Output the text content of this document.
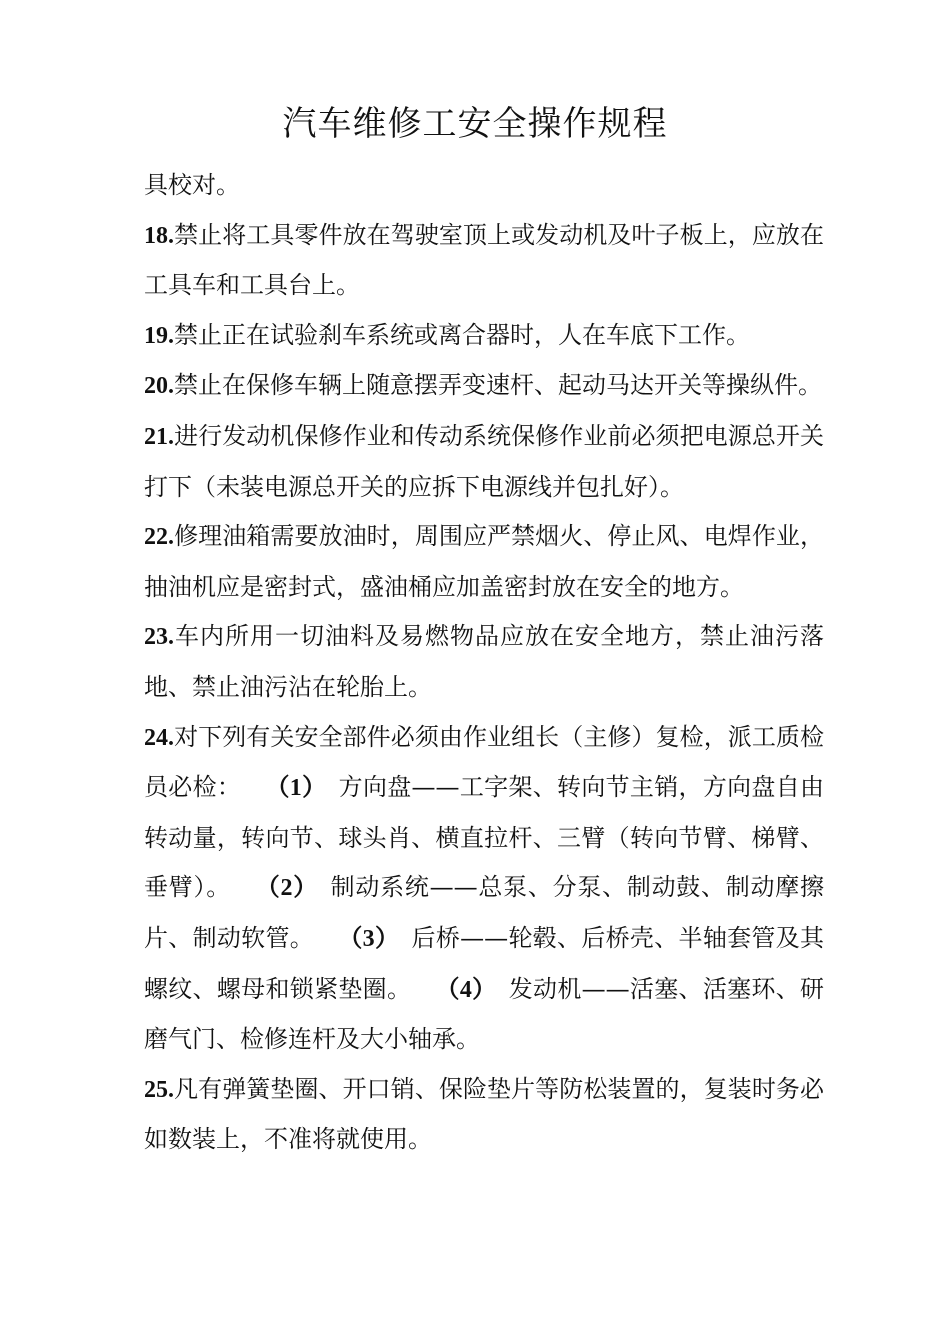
汽车维修工安全操作规程

具校对。

18.禁止将工具零件放在驾驶室顶上或发动机及叶子板上，应放在工具车和工具台上。

19.禁止正在试验刹车系统或离合器时，人在车底下工作。

20.禁止在保修车辆上随意摆弄变速杆、起动马达开关等操纵件。

21.进行发动机保修作业和传动系统保修作业前必须把电源总开关打下（未装电源总开关的应拆下电源线并包扎好）。

22.修理油箱需要放油时，周围应严禁烟火、停止风、电焊作业，抽油机应是密封式，盛油桶应加盖密封放在安全的地方。

23.车内所用一切油料及易燃物品应放在安全地方，禁止油污落地、禁止油污沾在轮胎上。

24.对下列有关安全部件必须由作业组长（主修）复检，派工质检员必检：  （1）  方向盘——工字架、转向节主销，方向盘自由转动量，转向节、球头肖、横直拉杆、三臂（转向节臂、梯臂、垂臂）。  （2）  制动系统——总泵、分泵、制动鼓、制动摩擦片、制动软管。  （3）  后桥——轮毂、后桥壳、半轴套管及其螺纹、螺母和锁紧垫圈。  （4）  发动机——活塞、活塞环、研磨气门、检修连杆及大小轴承。

25.凡有弹簧垫圈、开口销、保险垫片等防松装置的，复装时务必如数装上，不准将就使用。
